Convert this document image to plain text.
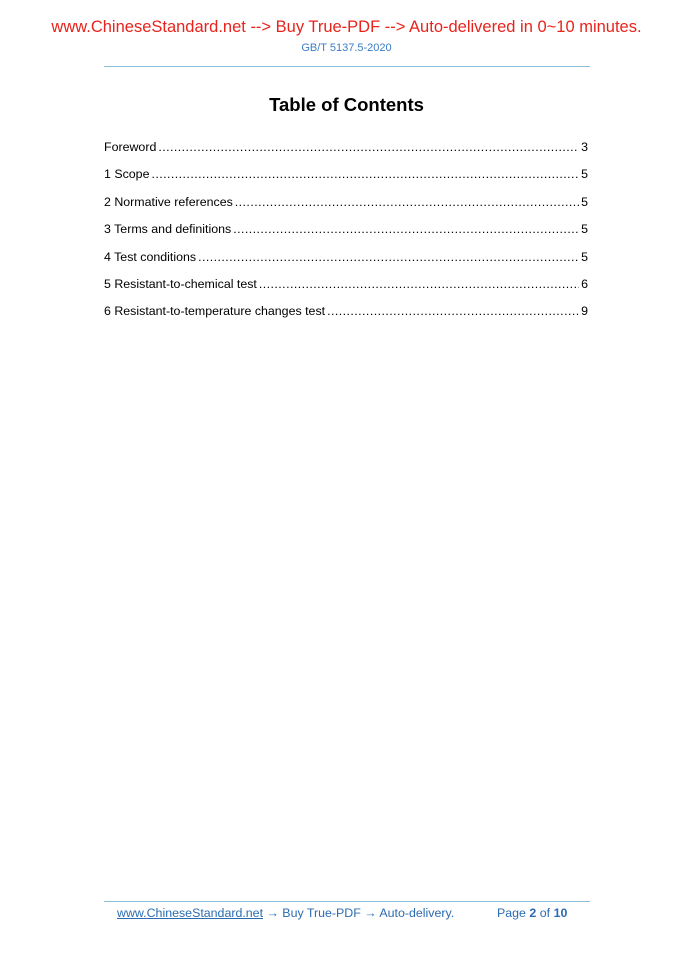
www.ChineseStandard.net --> Buy True-PDF --> Auto-delivered in 0~10 minutes.
GB/T 5137.5-2020
Table of Contents
Foreword . . .	3
1 Scope . . .	5
2 Normative references . . .	5
3 Terms and definitions . . .	5
4 Test conditions . . .	5
5 Resistant-to-chemical test . . .	6
6 Resistant-to-temperature changes test . . .	9
www.ChineseStandard.net → Buy True-PDF → Auto-delivery.	Page 2 of 10
